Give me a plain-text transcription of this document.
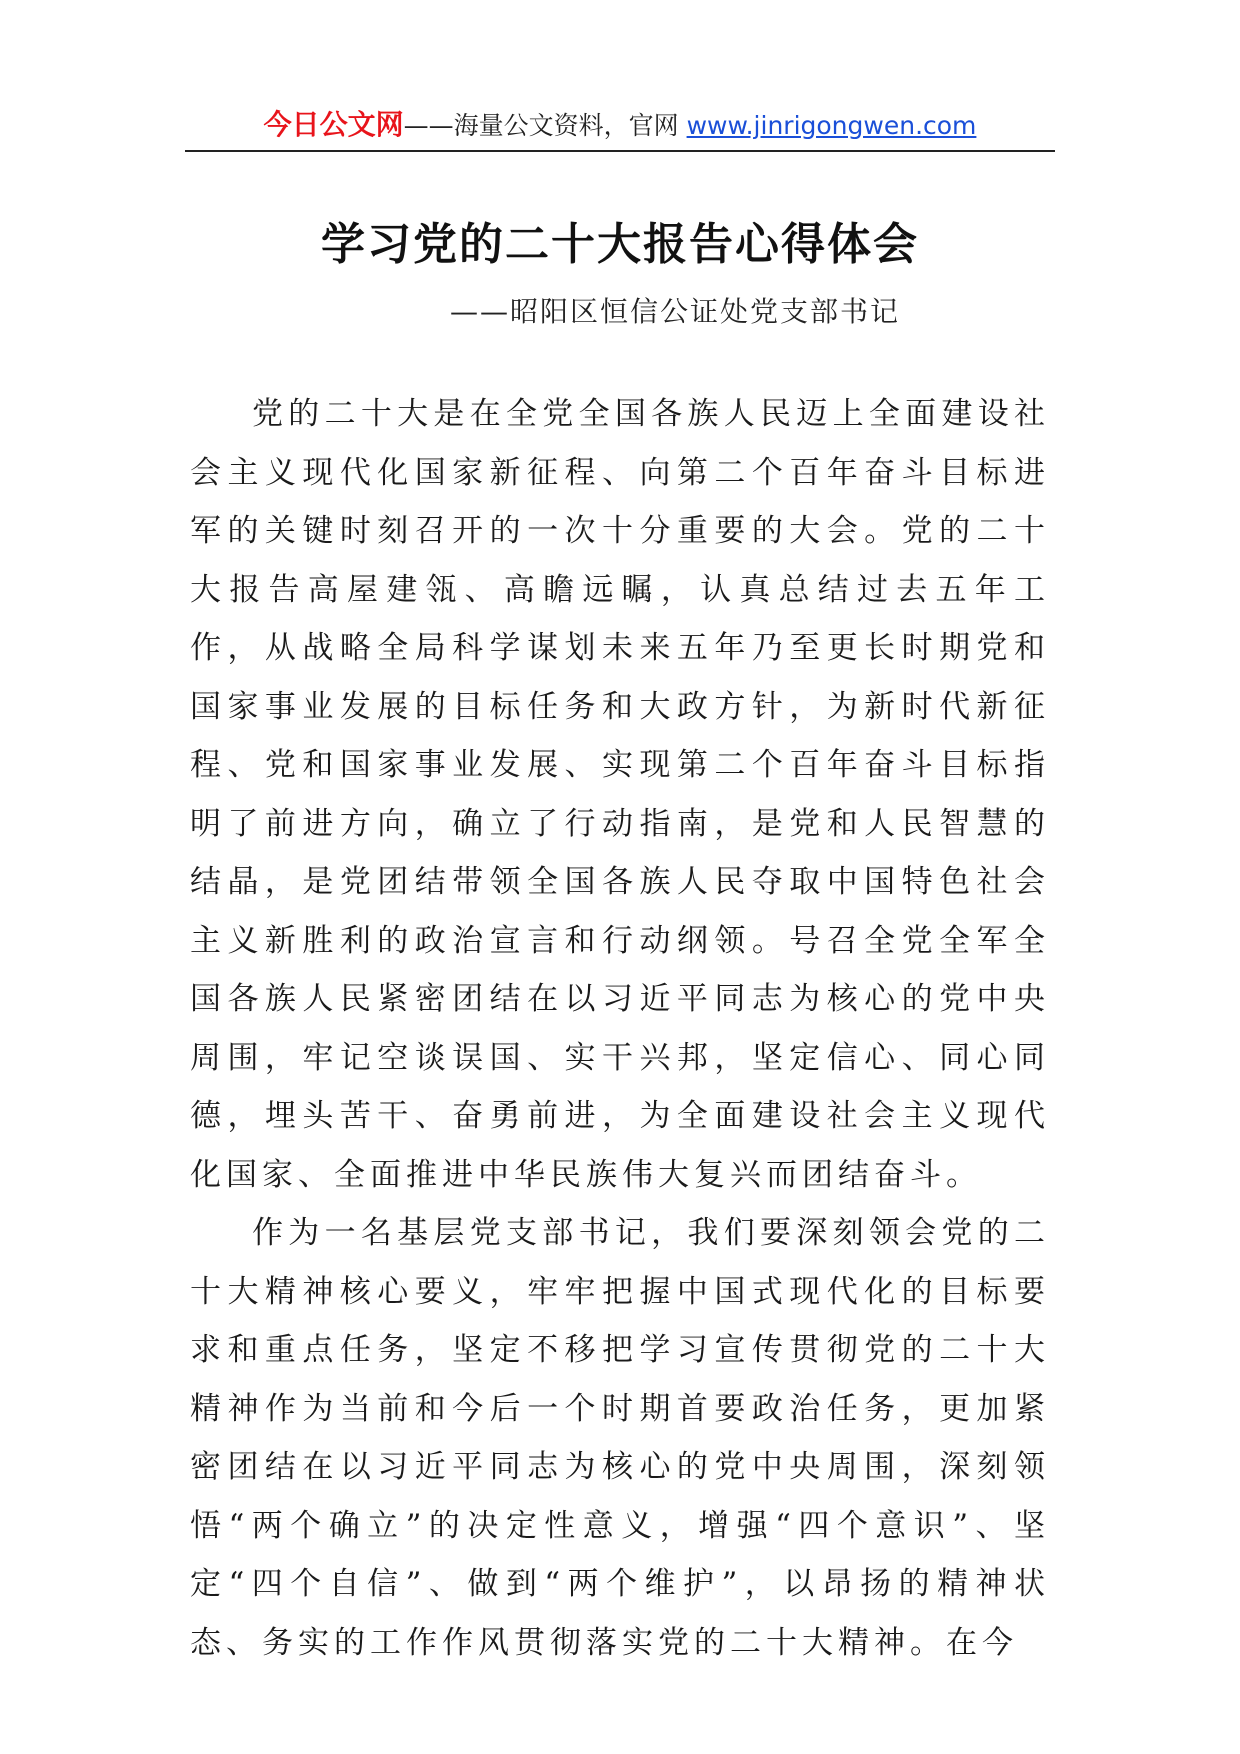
今日公文网——海量公文资料，官网 www.jinrigongwen.com
学习党的二十大报告心得体会
——昭阳区恒信公证处党支部书记

党的二十大是在全党全国各族人民迈上全面建设社会主义现代化国家新征程、向第二个百年奋斗目标进军的关键时刻召开的一次十分重要的大会。党的二十大报告高屋建瓴、高瞻远瞩，认真总结过去五年工作，从战略全局科学谋划未来五年乃至更长时期党和国家事业发展的目标任务和大政方针，为新时代新征程、党和国家事业发展、实现第二个百年奋斗目标指明了前进方向，确立了行动指南，是党和人民智慧的结晶，是党团结带领全国各族人民夺取中国特色社会主义新胜利的政治宣言和行动纲领。号召全党全军全国各族人民紧密团结在以习近平同志为核心的党中央周围，牢记空谈误国、实干兴邦，坚定信心、同心同德，埋头苦干、奋勇前进，为全面建设社会主义现代化国家、全面推进中华民族伟大复兴而团结奋斗。

作为一名基层党支部书记，我们要深刻领会党的二十大精神核心要义，牢牢把握中国式现代化的目标要求和重点任务，坚定不移把学习宣传贯彻党的二十大精神作为当前和今后一个时期首要政治任务，更加紧密团结在以习近平同志为核心的党中央周围，深刻领悟“两个确立”的决定性意义，增强“四个意识”、坚定“四个自信”、做到“两个维护”，以昂扬的精神状态、务实的工作作风贯彻落实党的二十大精神。在今
